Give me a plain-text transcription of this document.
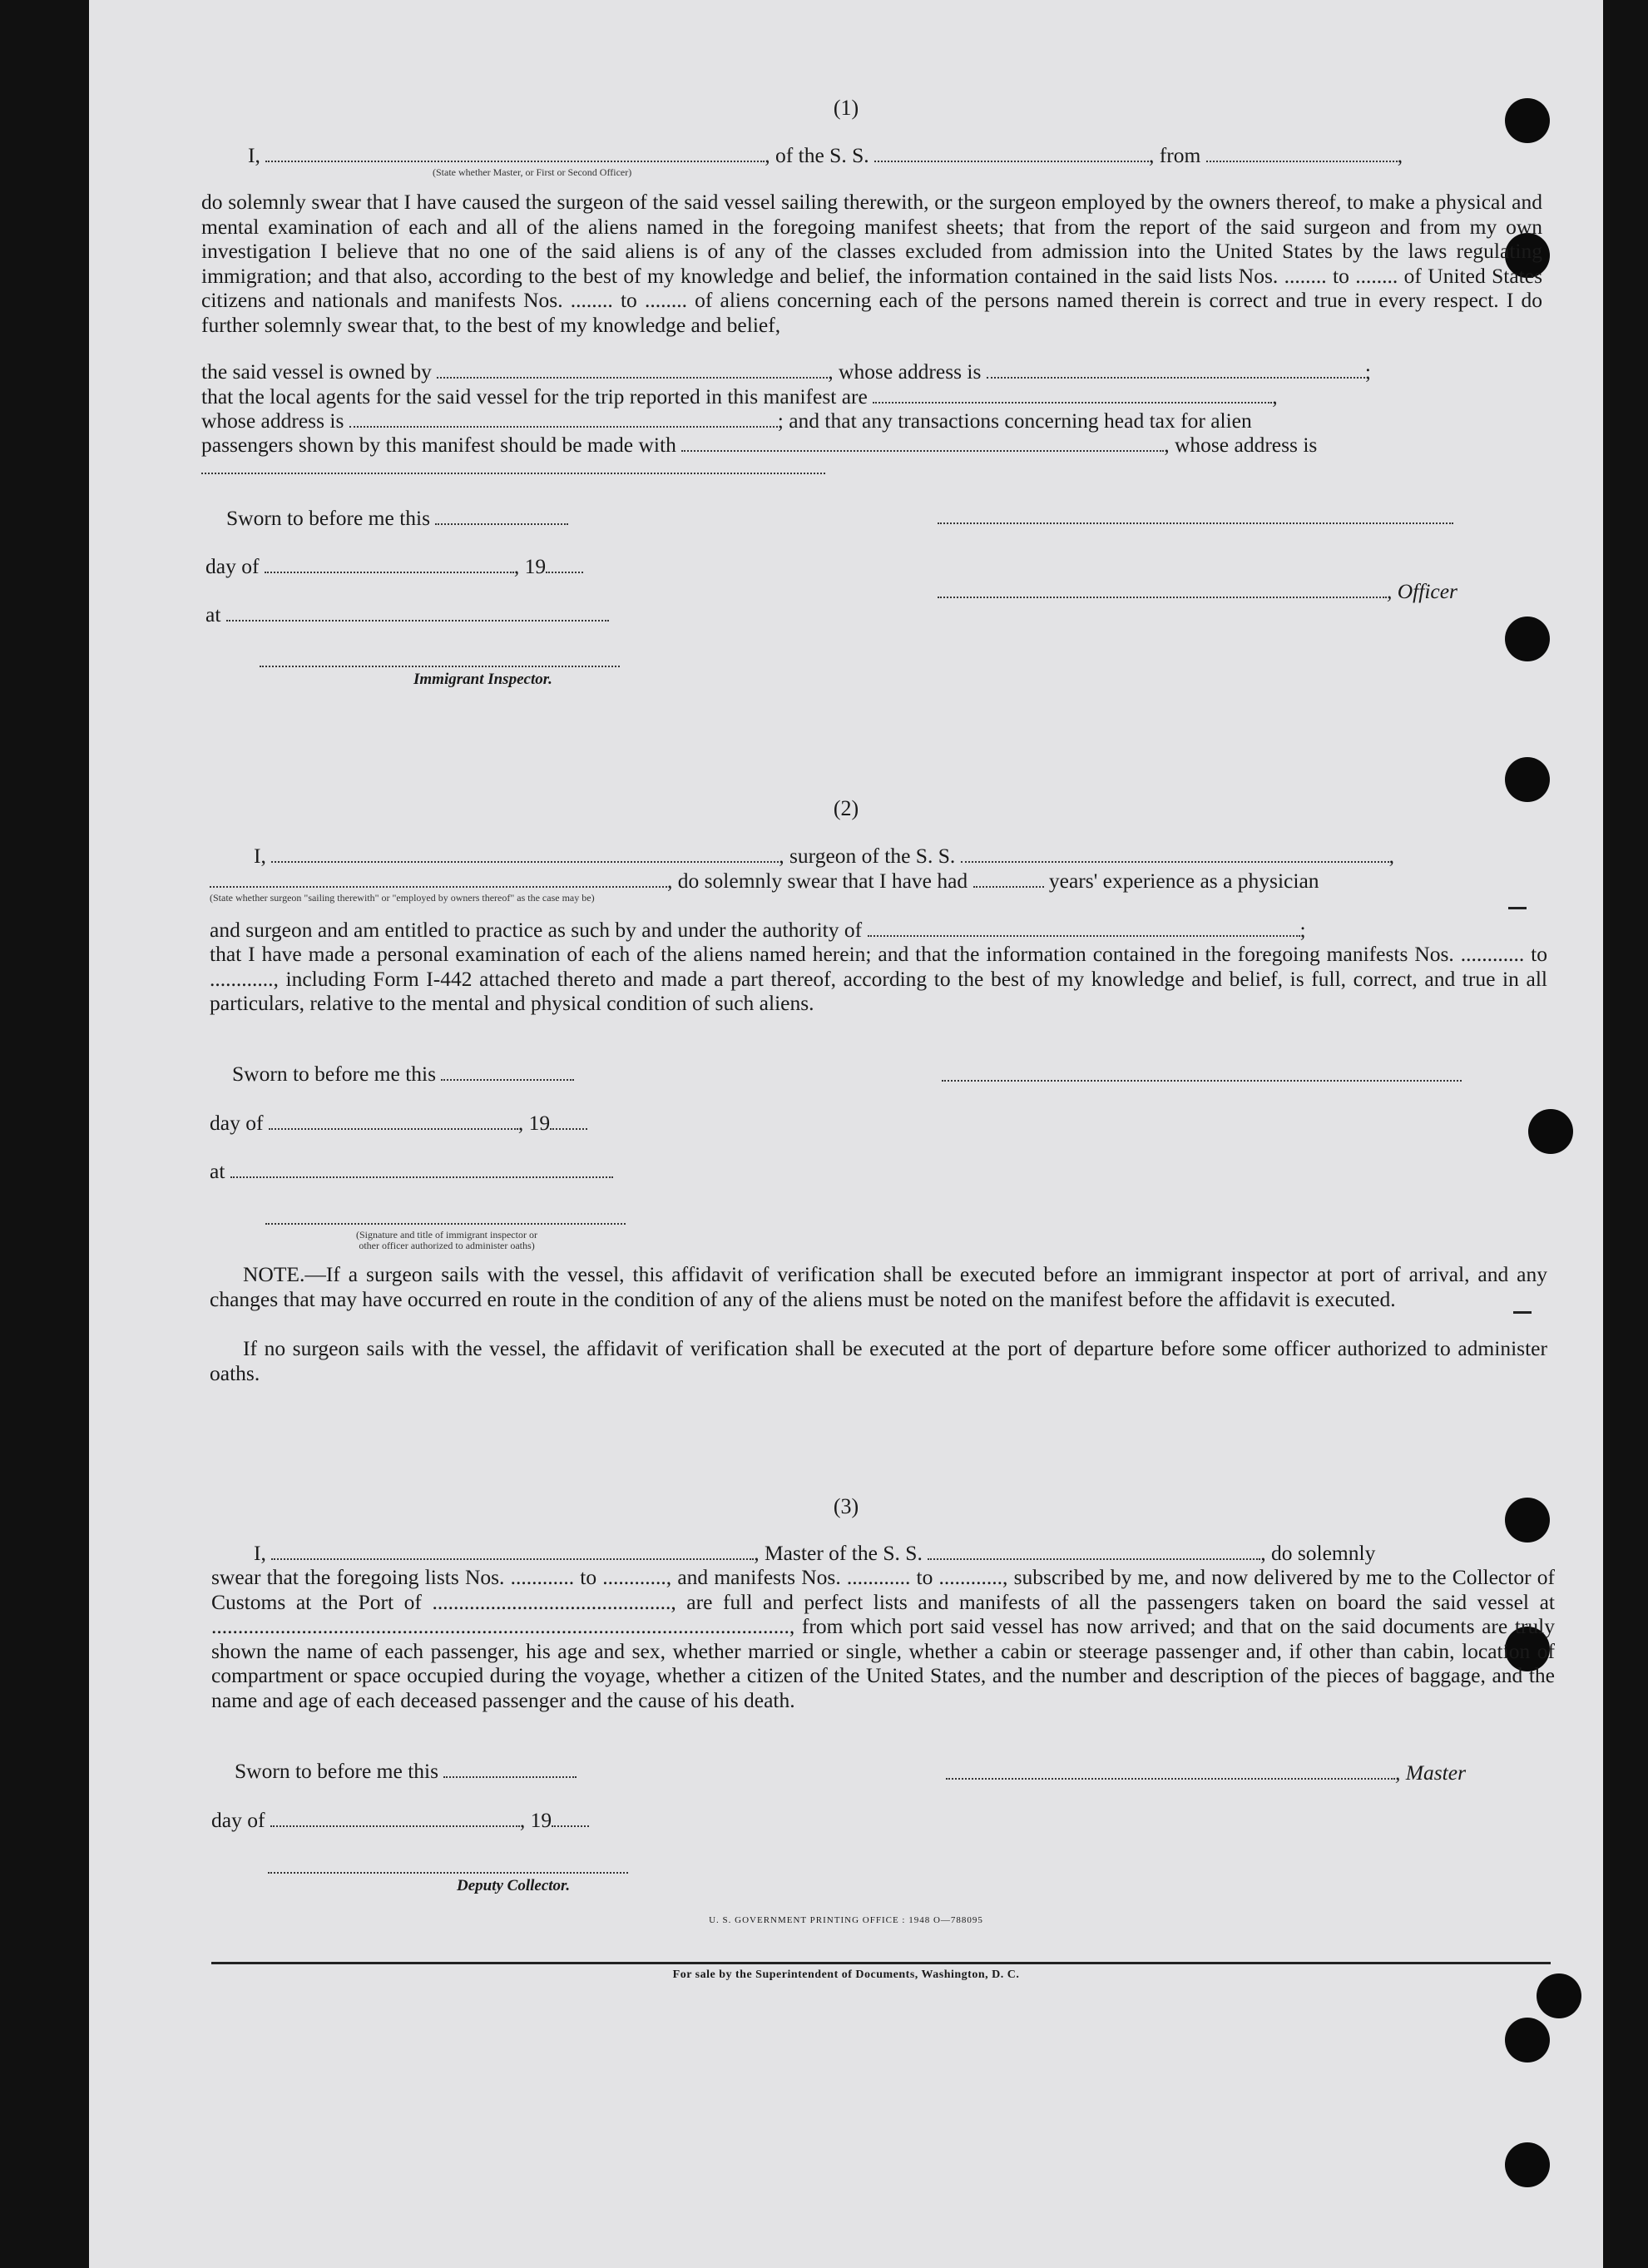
(1)
I,	, of the S. S.	, from	,
(State whether Master, or First or Second Officer)
do solemnly swear that I have caused the surgeon of the said vessel sailing therewith, or the surgeon employed by the owners thereof, to make a physical and mental examination of each and all of the aliens named in the foregoing manifest sheets; that from the report of the said surgeon and from my own investigation I believe that no one of the said aliens is of any of the classes excluded from admission into the United States by the laws regulating immigration; and that also, according to the best of my knowledge and belief, the information contained in the said lists Nos. ........ to ........ of United States citizens and nationals and manifests Nos. ........ to ........ of aliens concerning each of the persons named therein is correct and true in every respect. I do further solemnly swear that, to the best of my knowledge and belief,
the said vessel is owned by	, whose address is	;
that the local agents for the said vessel for the trip reported in this manifest are	,
whose address is	; and that any transactions concerning head tax for alien
passengers shown by this manifest should be made with	, whose address is
Sworn to before me this
day of	, 19
, Officer
at
Immigrant Inspector.
(2)
I,	, surgeon of the S. S.	,
, do solemnly swear that I have had	years' experience as a physician
(State whether surgeon "sailing therewith" or "employed by owners thereof" as the case may be)
and surgeon and am entitled to practice as such by and under the authority of	;
that I have made a personal examination of each of the aliens named herein; and that the information contained in the foregoing manifests Nos. ............ to ............, including Form I-442 attached thereto and made a part thereof, according to the best of my knowledge and belief, is full, correct, and true in all particulars, relative to the mental and physical condition of such aliens.
Sworn to before me this
day of	, 19
at
(Signature and title of immigrant inspector or
other officer authorized to administer oaths)
NOTE.—If a surgeon sails with the vessel, this affidavit of verification shall be executed before an immigrant inspector at port of arrival, and any changes that may have occurred en route in the condition of any of the aliens must be noted on the manifest before the affidavit is executed.
If no surgeon sails with the vessel, the affidavit of verification shall be executed at the port of departure before some officer authorized to administer oaths.
(3)
I,	, Master of the S. S.	, do solemnly
swear that the foregoing lists Nos. ............ to ............, and manifests Nos. ............ to ............, subscribed by me, and now delivered by me to the Collector of Customs at the Port of ............................................., are full and perfect lists and manifests of all the passengers taken on board the said vessel at ............................................................................................................., from which port said vessel has now arrived; and that on the said documents are truly shown the name of each passenger, his age and sex, whether married or single, whether a cabin or steerage passenger and, if other than cabin, location of compartment or space occupied during the voyage, whether a citizen of the United States, and the number and description of the pieces of baggage, and the name and age of each deceased passenger and the cause of his death.
Sworn to before me this	, Master
day of	, 19
Deputy Collector.
U. S. GOVERNMENT PRINTING OFFICE : 1948 O—788095
For sale by the Superintendent of Documents, Washington, D. C.
